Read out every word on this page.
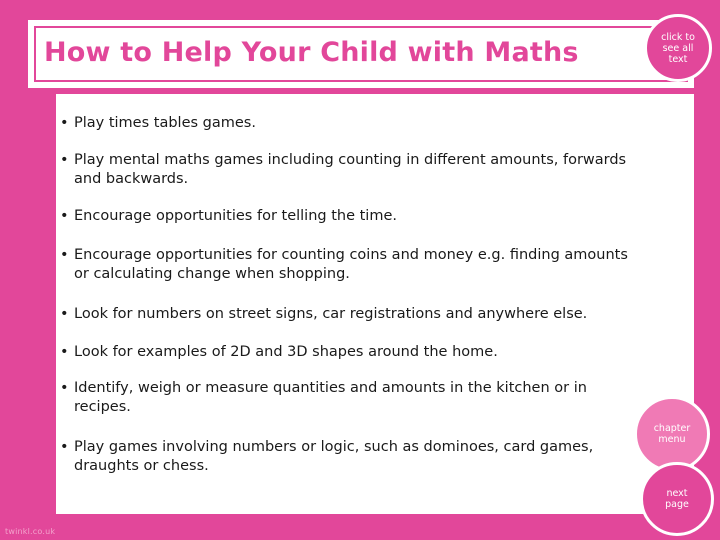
How to Help Your Child with Maths	click to see all text
• Play times tables games.
• Play mental maths games including counting in different amounts, forwards and backwards.
• Encourage opportunities for telling the time.
• Encourage opportunities for counting coins and money e.g. finding amounts or calculating change when shopping.
• Look for numbers on street signs, car registrations and anywhere else.
• Look for examples of 2D and 3D shapes around the home.
• Identify, weigh or measure quantities and amounts in the kitchen or in recipes.
• Play games involving numbers or logic, such as dominoes, card games, draughts or chess.
chapter menu
next page
twinkl.co.uk
